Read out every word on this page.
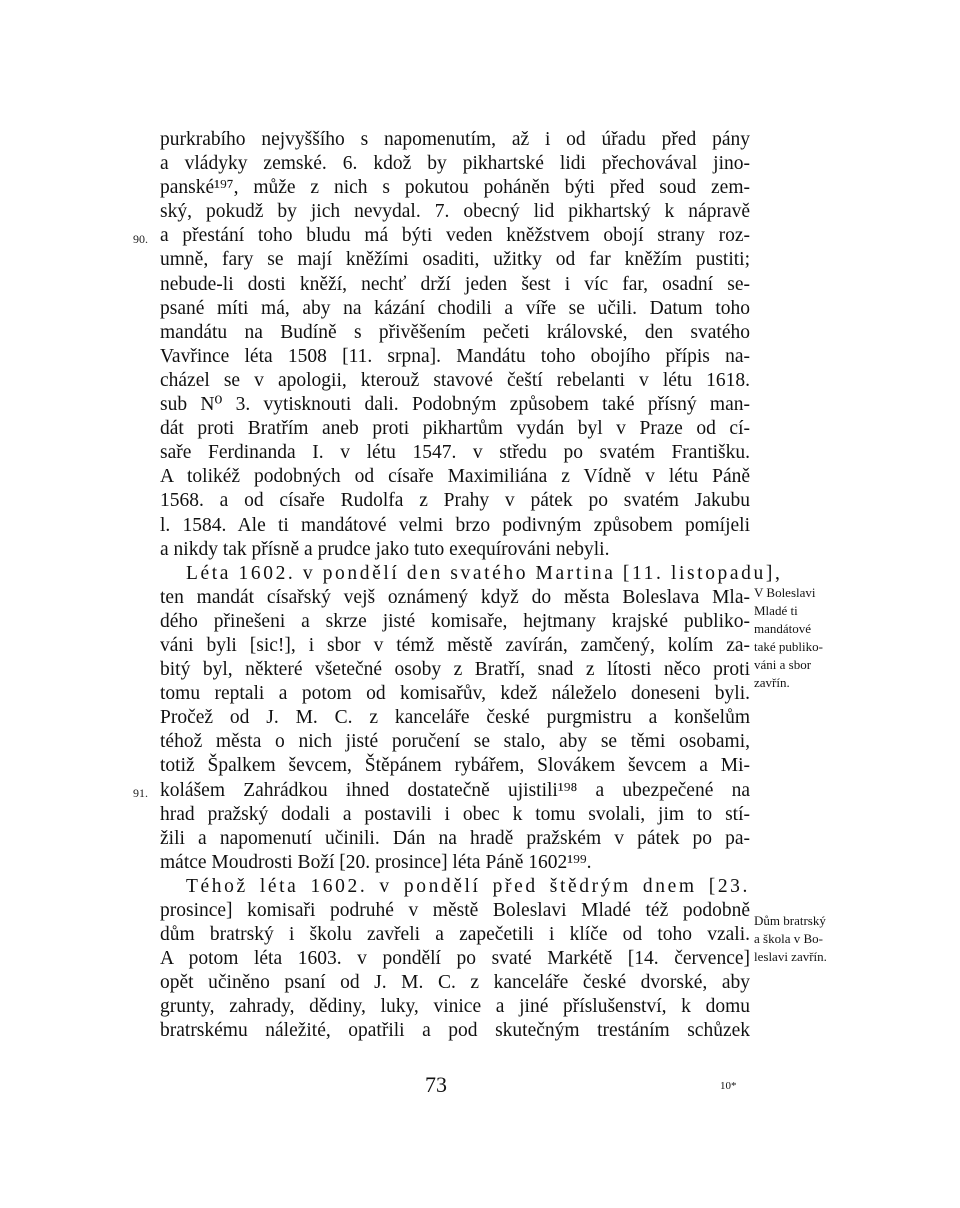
purkrabího nejvyššího s napomenutím, až i od úřadu před pány
a vládyky zemské. 6. kdož by pikhartské lidi přechovával jino-
panské¹⁹⁷, může z nich s pokutou poháněn býti před soud zem-
ský, pokudž by jich nevydal. 7. obecný lid pikhartský k nápravě
a přestání toho bludu má býti veden kněžstvem obojí strany roz-
umně, fary se mají kněžími osaditi, užitky od far kněžím pustiti;
nebude-li dosti kněží, nechť drží jeden šest i víc far, osadní se-
psané míti má, aby na kázání chodili a víře se učili. Datum toho
mandátu na Budíně s přivěšením pečeti královské, den svatého
Vavřince léta 1508 [11. srpna]. Mandátu toho obojího přípis na-
cházel se v apologii, kterouž stavové čeští rebelanti v létu 1618.
sub N⁰ 3. vytisknouti dali. Podobným způsobem také přísný man-
dát proti Bratřím aneb proti pikhartům vydán byl v Praze od cí-
saře Ferdinanda I. v létu 1547. v středu po svatém Františku.
A tolikéž podobných od císaře Maximiliána z Vídně v létu Páně
1568. a od císaře Rudolfa z Prahy v pátek po svatém Jakubu
l. 1584. Ale ti mandátové velmi brzo podivným způsobem pomíjeli
a nikdy tak přísně a prudce jako tuto exequírováni nebyli.
Léta 1602. v pondělí den svatého Martina [11. listopadu],
ten mandát císařský vejš oznámený když do města Boleslava Mla-
dého přinešeni a skrze jisté komisaře, hejtmany krajské publiko-
váni byli [sic!], i sbor v témž městě zavírán, zamčený, kolím za-
bitý byl, některé všetečné osoby z Bratří, snad z lítosti něco proti
tomu reptali a potom od komisařův, kdež náleželo doneseni byli.
Pročež od J. M. C. z kanceláře české purgmistru a konšelům
téhož města o nich jisté poručení se stalo, aby se těmi osobami,
totiž Špalkem ševcem, Štěpánem rybářem, Slovákem ševcem a Mi-
kolášem Zahrádkou ihned dostatečně ujistili¹⁹⁸ a ubezpečené na
hrad pražský dodali a postavili i obec k tomu svolali, jim to stí-
žili a napomenutí učinili. Dán na hradě pražském v pátek po pa-
mátce Moudrosti Boží [20. prosince] léta Páně 1602¹⁹⁹.
Téhož léta 1602. v pondělí před štědrým dnem [23.
prosince] komisaři podruhé v městě Boleslavi Mladé též podobně
dům bratrský i školu zavřeli a zapečetili i klíče od toho vzali.
A potom léta 1603. v pondělí po svaté Markétě [14. července]
opět učiněno psaní od J. M. C. z kanceláře české dvorské, aby
grunty, zahrady, dědiny, luky, vinice a jiné příslušenství, k domu
bratrskému náležité, opatřili a pod skutečným trestáním schůzek
90.
91.
V Boleslavi
Mladé ti
mandátové
také publiko-
váni a sbor
zavřín.
Dům bratrský
a škola v Bo-
leslavi zavřín.
73	10*
